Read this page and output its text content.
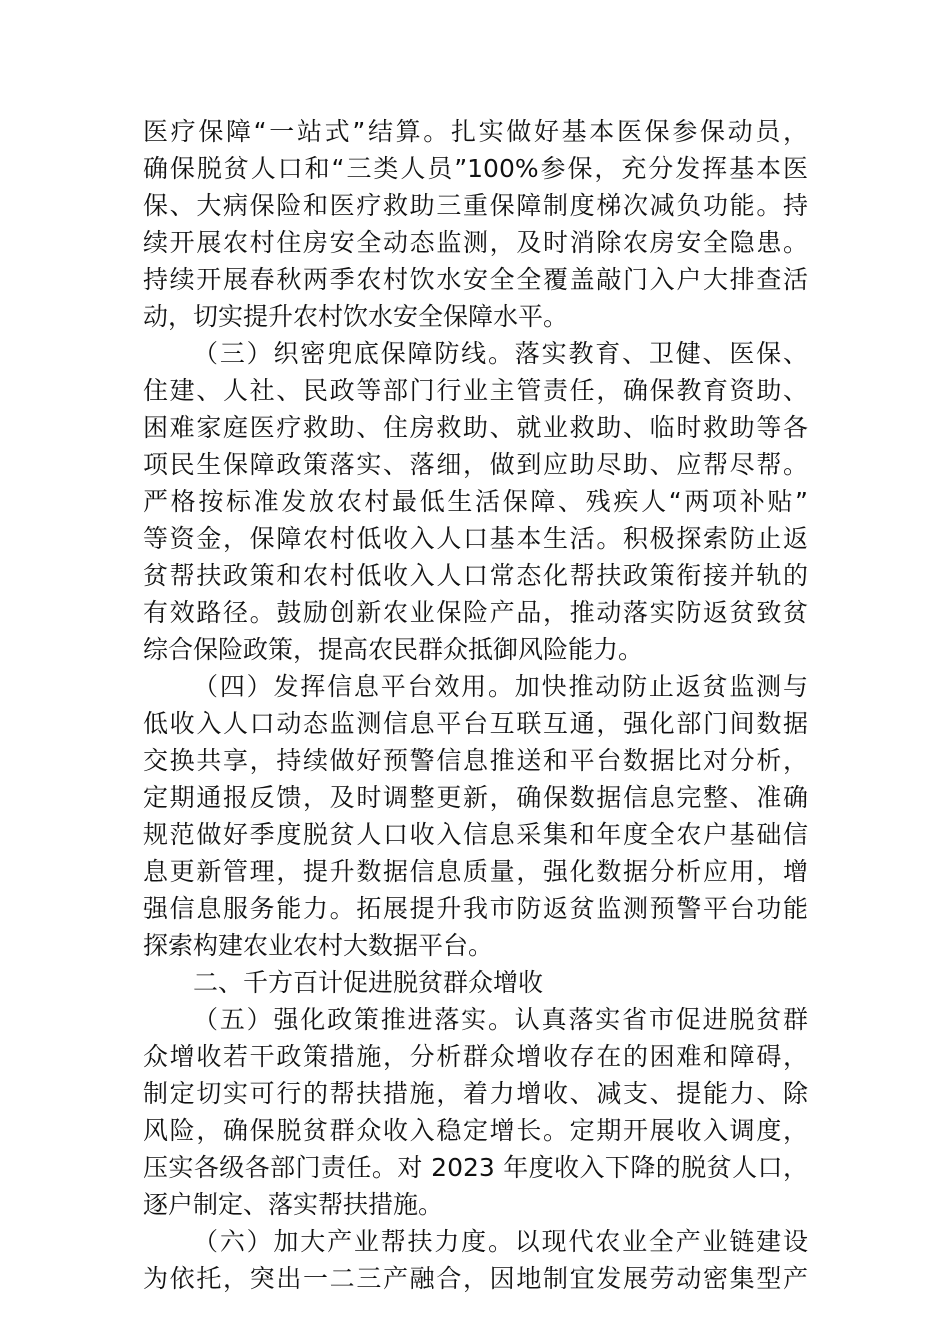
医疗保障“一站式”结算。扎实做好基本医保参保动员，
确保脱贫人口和“三类人员”100%参保，充分发挥基本医
保、大病保险和医疗救助三重保障制度梯次减负功能。持
续开展农村住房安全动态监测，及时消除农房安全隐患。
持续开展春秋两季农村饮水安全全覆盖敲门入户大排查活
动，切实提升农村饮水安全保障水平。
（三）织密兜底保障防线。落实教育、卫健、医保、
住建、人社、民政等部门行业主管责任，确保教育资助、
困难家庭医疗救助、住房救助、就业救助、临时救助等各
项民生保障政策落实、落细，做到应助尽助、应帮尽帮。
严格按标准发放农村最低生活保障、残疾人“两项补贴”
等资金，保障农村低收入人口基本生活。积极探索防止返
贫帮扶政策和农村低收入人口常态化帮扶政策衔接并轨的
有效路径。鼓励创新农业保险产品，推动落实防返贫致贫
综合保险政策，提高农民群众抵御风险能力。
（四）发挥信息平台效用。加快推动防止返贫监测与
低收入人口动态监测信息平台互联互通，强化部门间数据
交换共享，持续做好预警信息推送和平台数据比对分析，
定期通报反馈，及时调整更新，确保数据信息完整、准确
规范做好季度脱贫人口收入信息采集和年度全农户基础信
息更新管理，提升数据信息质量，强化数据分析应用，增
强信息服务能力。拓展提升我市防返贫监测预警平台功能
探索构建农业农村大数据平台。
二、千方百计促进脱贫群众增收
（五）强化政策推进落实。认真落实省市促进脱贫群
众增收若干政策措施，分析群众增收存在的困难和障碍，
制定切实可行的帮扶措施，着力增收、减支、提能力、除
风险，确保脱贫群众收入稳定增长。定期开展收入调度，
压实各级各部门责任。对 2023 年度收入下降的脱贫人口，
逐户制定、落实帮扶措施。
（六）加大产业帮扶力度。以现代农业全产业链建设
为依托，突出一二三产融合，因地制宜发展劳动密集型产
